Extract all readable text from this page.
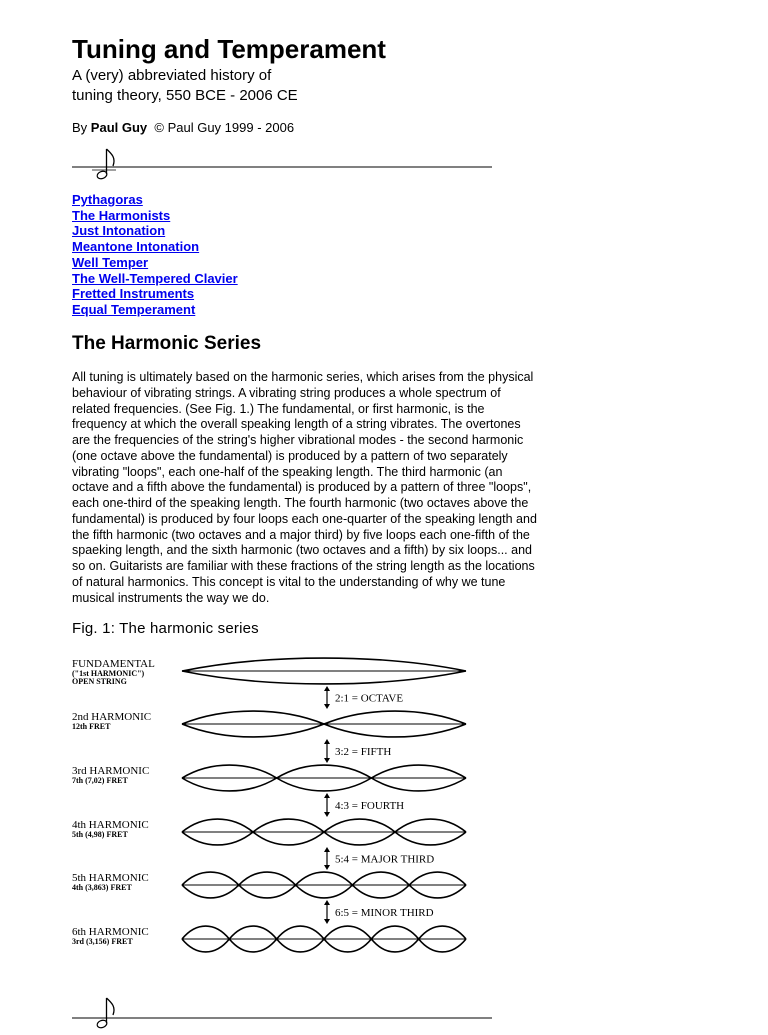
Tuning and Temperament
A (very) abbreviated history of
tuning theory, 550 BCE - 2006 CE
By Paul Guy © Paul Guy 1999 - 2006
Pythagoras
The Harmonists
Just Intonation
Meantone Intonation
Well Temper
The Well-Tempered Clavier
Fretted Instruments
Equal Temperament
The Harmonic Series

All tuning is ultimately based on the harmonic series, which arises from the physical
behaviour of vibrating strings. A vibrating string produces a whole spectrum of
related frequencies. (See Fig. 1.) The fundamental, or first harmonic, is the
frequency at which the overall speaking length of a string vibrates. The overtones
are the frequencies of the string's higher vibrational modes - the second harmonic
(one octave above the fundamental) is produced by a pattern of two separately
vibrating "loops", each one-half of the speaking length. The third harmonic (an
octave and a fifth above the fundamental) is produced by a pattern of three "loops",
each one-third of the speaking length. The fourth harmonic (two octaves above the
fundamental) is produced by four loops each one-quarter of the speaking length and
the fifth harmonic (two octaves and a major third) by five loops each one-fifth of the
spaeking length, and the sixth harmonic (two octaves and a fifth) by six loops... and
so on. Guitarists are familiar with these fractions of the string length as the locations
of natural harmonics. This concept is vital to the understanding of why we tune
musical instruments the way we do.

Fig. 1: The harmonic series
FUNDAMENTAL
("1st HARMONIC")
OPEN STRING
2nd HARMONIC
12th FRET
3rd HARMONIC
7th (7,02) FRET
4th HARMONIC
5th (4,98) FRET
5th HARMONIC
4th (3,863) FRET
6th HARMONIC
3rd (3,156) FRET
2:1 = OCTAVE
3:2 = FIFTH
4:3 = FOURTH
5:4 = MAJOR THIRD
6:5 = MINOR THIRD
